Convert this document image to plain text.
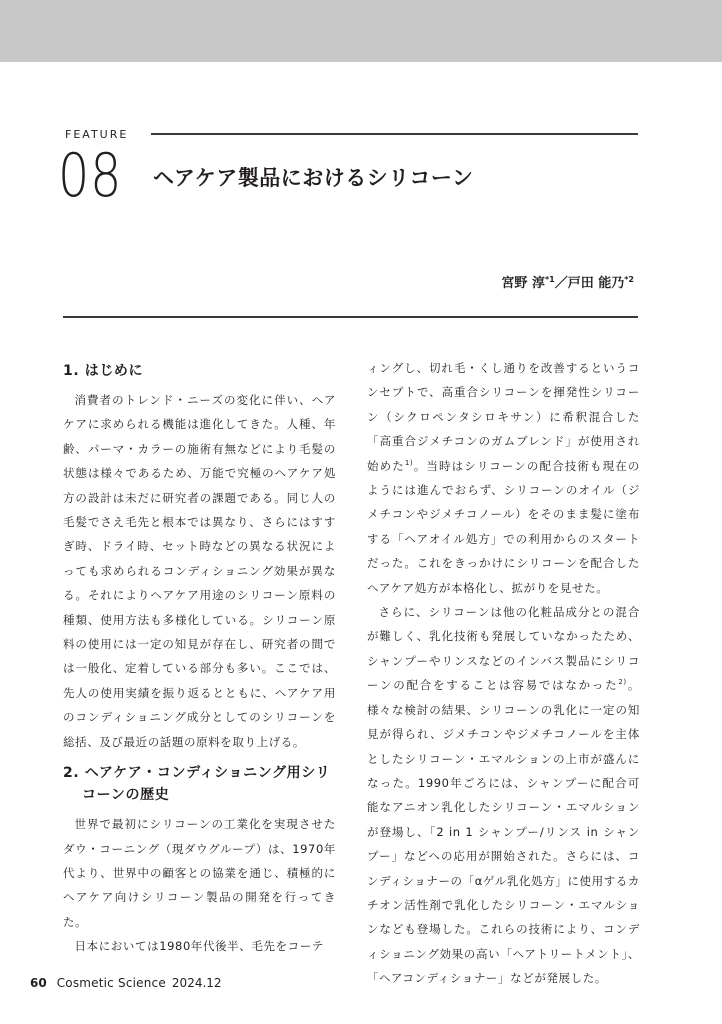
FEATURE
08 ヘアケア製品におけるシリコーン
宮野 淳$^{*1}$／戸田 能乃$^{*2}$
1. はじめに

消費者のトレンド・ニーズの変化に伴い、ヘアケアに求められる機能は進化してきた。人種、年齢、パーマ・カラーの施術有無などにより毛髪の状態は様々であるため、万能で究極のヘアケア処方の設計は未だに研究者の課題である。同じ人の毛髪でさえ毛先と根本では異なり、さらにはすすぎ時、ドライ時、セット時などの異なる状況によっても求められるコンディショニング効果が異なる。それによりヘアケア用途のシリコーン原料の種類、使用方法も多様化している。シリコーン原料の使用には一定の知見が存在し、研究者の間では一般化、定着している部分も多い。ここでは、先人の使用実績を振り返るとともに、ヘアケア用のコンディショニング成分としてのシリコーンを総括、及び最近の話題の原料を取り上げる。

2. ヘアケア・コンディショニング用シリコーンの歴史

世界で最初にシリコーンの工業化を実現させたダウ・コーニング（現ダウグループ）は、1970年代より、世界中の顧客との協業を通じ、積極的にヘアケア向けシリコーン製品の開発を行ってきた。

日本においては1980年代後半、毛先をコーテ

ィングし、切れ毛・くし通りを改善するというコンセプトで、高重合シリコーンを揮発性シリコーン（シクロペンタシロキサン）に希釈混合した「高重合ジメチコンのガムブレンド」が使用され始めた$^{1)}$。当時はシリコーンの配合技術も現在のようには進んでおらず、シリコーンのオイル（ジメチコンやジメチコノール）をそのまま髪に塗布する「ヘアオイル処方」での利用からのスタートだった。これをきっかけにシリコーンを配合したヘアケア処方が本格化し、拡がりを見せた。

さらに、シリコーンは他の化粧品成分との混合が難しく、乳化技術も発展していなかったため、シャンプーやリンスなどのインバス製品にシリコーンの配合をすることは容易ではなかった$^{2)}$。様々な検討の結果、シリコーンの乳化に一定の知見が得られ、ジメチコンやジメチコノールを主体としたシリコーン・エマルションの上市が盛んになった。1990年ごろには、シャンプーに配合可能なアニオン乳化したシリコーン・エマルションが登場し、「2 in 1 シャンプー/リンス in シャンプー」などへの応用が開始された。さらには、コンディショナーの「αゲル乳化処方」に使用するカチオン活性剤で乳化したシリコーン・エマルションなども登場した。これらの技術により、コンディショニング効果の高い「ヘアトリートメント」、「ヘアコンディショナー」などが発展した。

60 Cosmetic Science 2024.12
